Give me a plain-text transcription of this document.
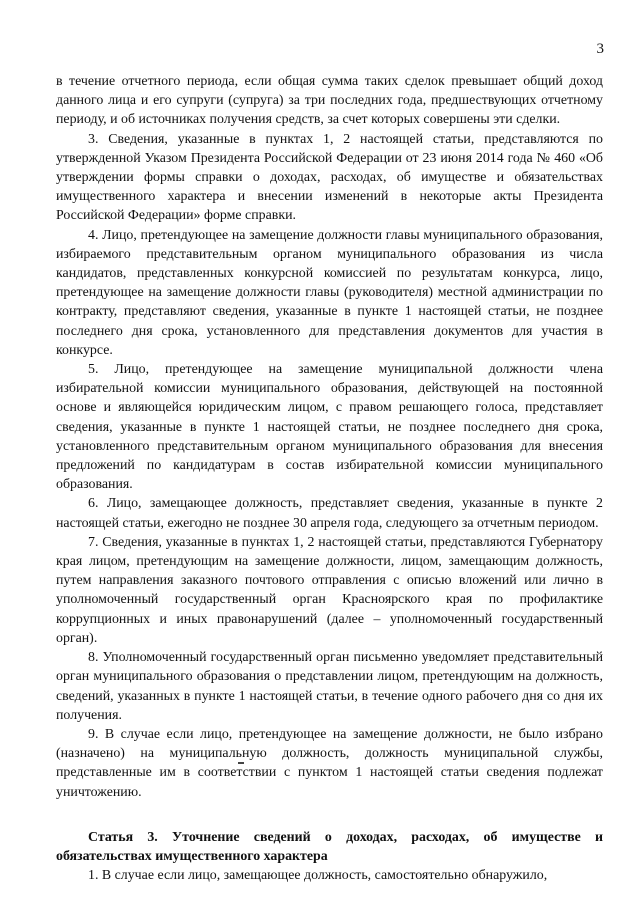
3

в течение отчетного периода, если общая сумма таких сделок превышает общий доход данного лица и его супруги (супруга) за три последних года, предшествующих отчетному периоду, и об источниках получения средств, за счет которых совершены эти сделки.

3. Сведения, указанные в пунктах 1, 2 настоящей статьи, представляются по утвержденной Указом Президента Российской Федерации от 23 июня 2014 года № 460 «Об утверждении формы справки о доходах, расходах, об имуществе и обязательствах имущественного характера и внесении изменений в некоторые акты Президента Российской Федерации» форме справки.

4. Лицо, претендующее на замещение должности главы муниципального образования, избираемого представительным органом муниципального образования из числа кандидатов, представленных конкурсной комиссией по результатам конкурса, лицо, претендующее на замещение должности главы (руководителя) местной администрации по контракту, представляют сведения, указанные в пункте 1 настоящей статьи, не позднее последнего дня срока, установленного для представления документов для участия в конкурсе.

5. Лицо, претендующее на замещение муниципальной должности члена избирательной комиссии муниципального образования, действующей на постоянной основе и являющейся юридическим лицом, с правом решающего голоса, представляет сведения, указанные в пункте 1 настоящей статьи, не позднее последнего дня срока, установленного представительным органом муниципального образования для внесения предложений по кандидатурам в состав избирательной комиссии муниципального образования.

6. Лицо, замещающее должность, представляет сведения, указанные в пункте 2 настоящей статьи, ежегодно не позднее 30 апреля года, следующего за отчетным периодом.

7. Сведения, указанные в пунктах 1, 2 настоящей статьи, представляются Губернатору края лицом, претендующим на замещение должности, лицом, замещающим должность, путем направления заказного почтового отправления с описью вложений или лично в уполномоченный государственный орган Красноярского края по профилактике коррупционных и иных правонарушений (далее – уполномоченный государственный орган).

8. Уполномоченный государственный орган письменно уведомляет представительный орган муниципального образования о представлении лицом, претендующим на должность, сведений, указанных в пункте 1 настоящей статьи, в течение одного рабочего дня со дня их получения.

9. В случае если лицо, претендующее на замещение должности, не было избрано (назначено) на муниципальную должность, должность муниципальной службы, представленные им в соответствии с пунктом 1 настоящей статьи сведения подлежат уничтожению.

Статья 3. Уточнение сведений о доходах, расходах, об имуществе и обязательствах имущественного характера

1. В случае если лицо, замещающее должность, самостоятельно обнаружило,
